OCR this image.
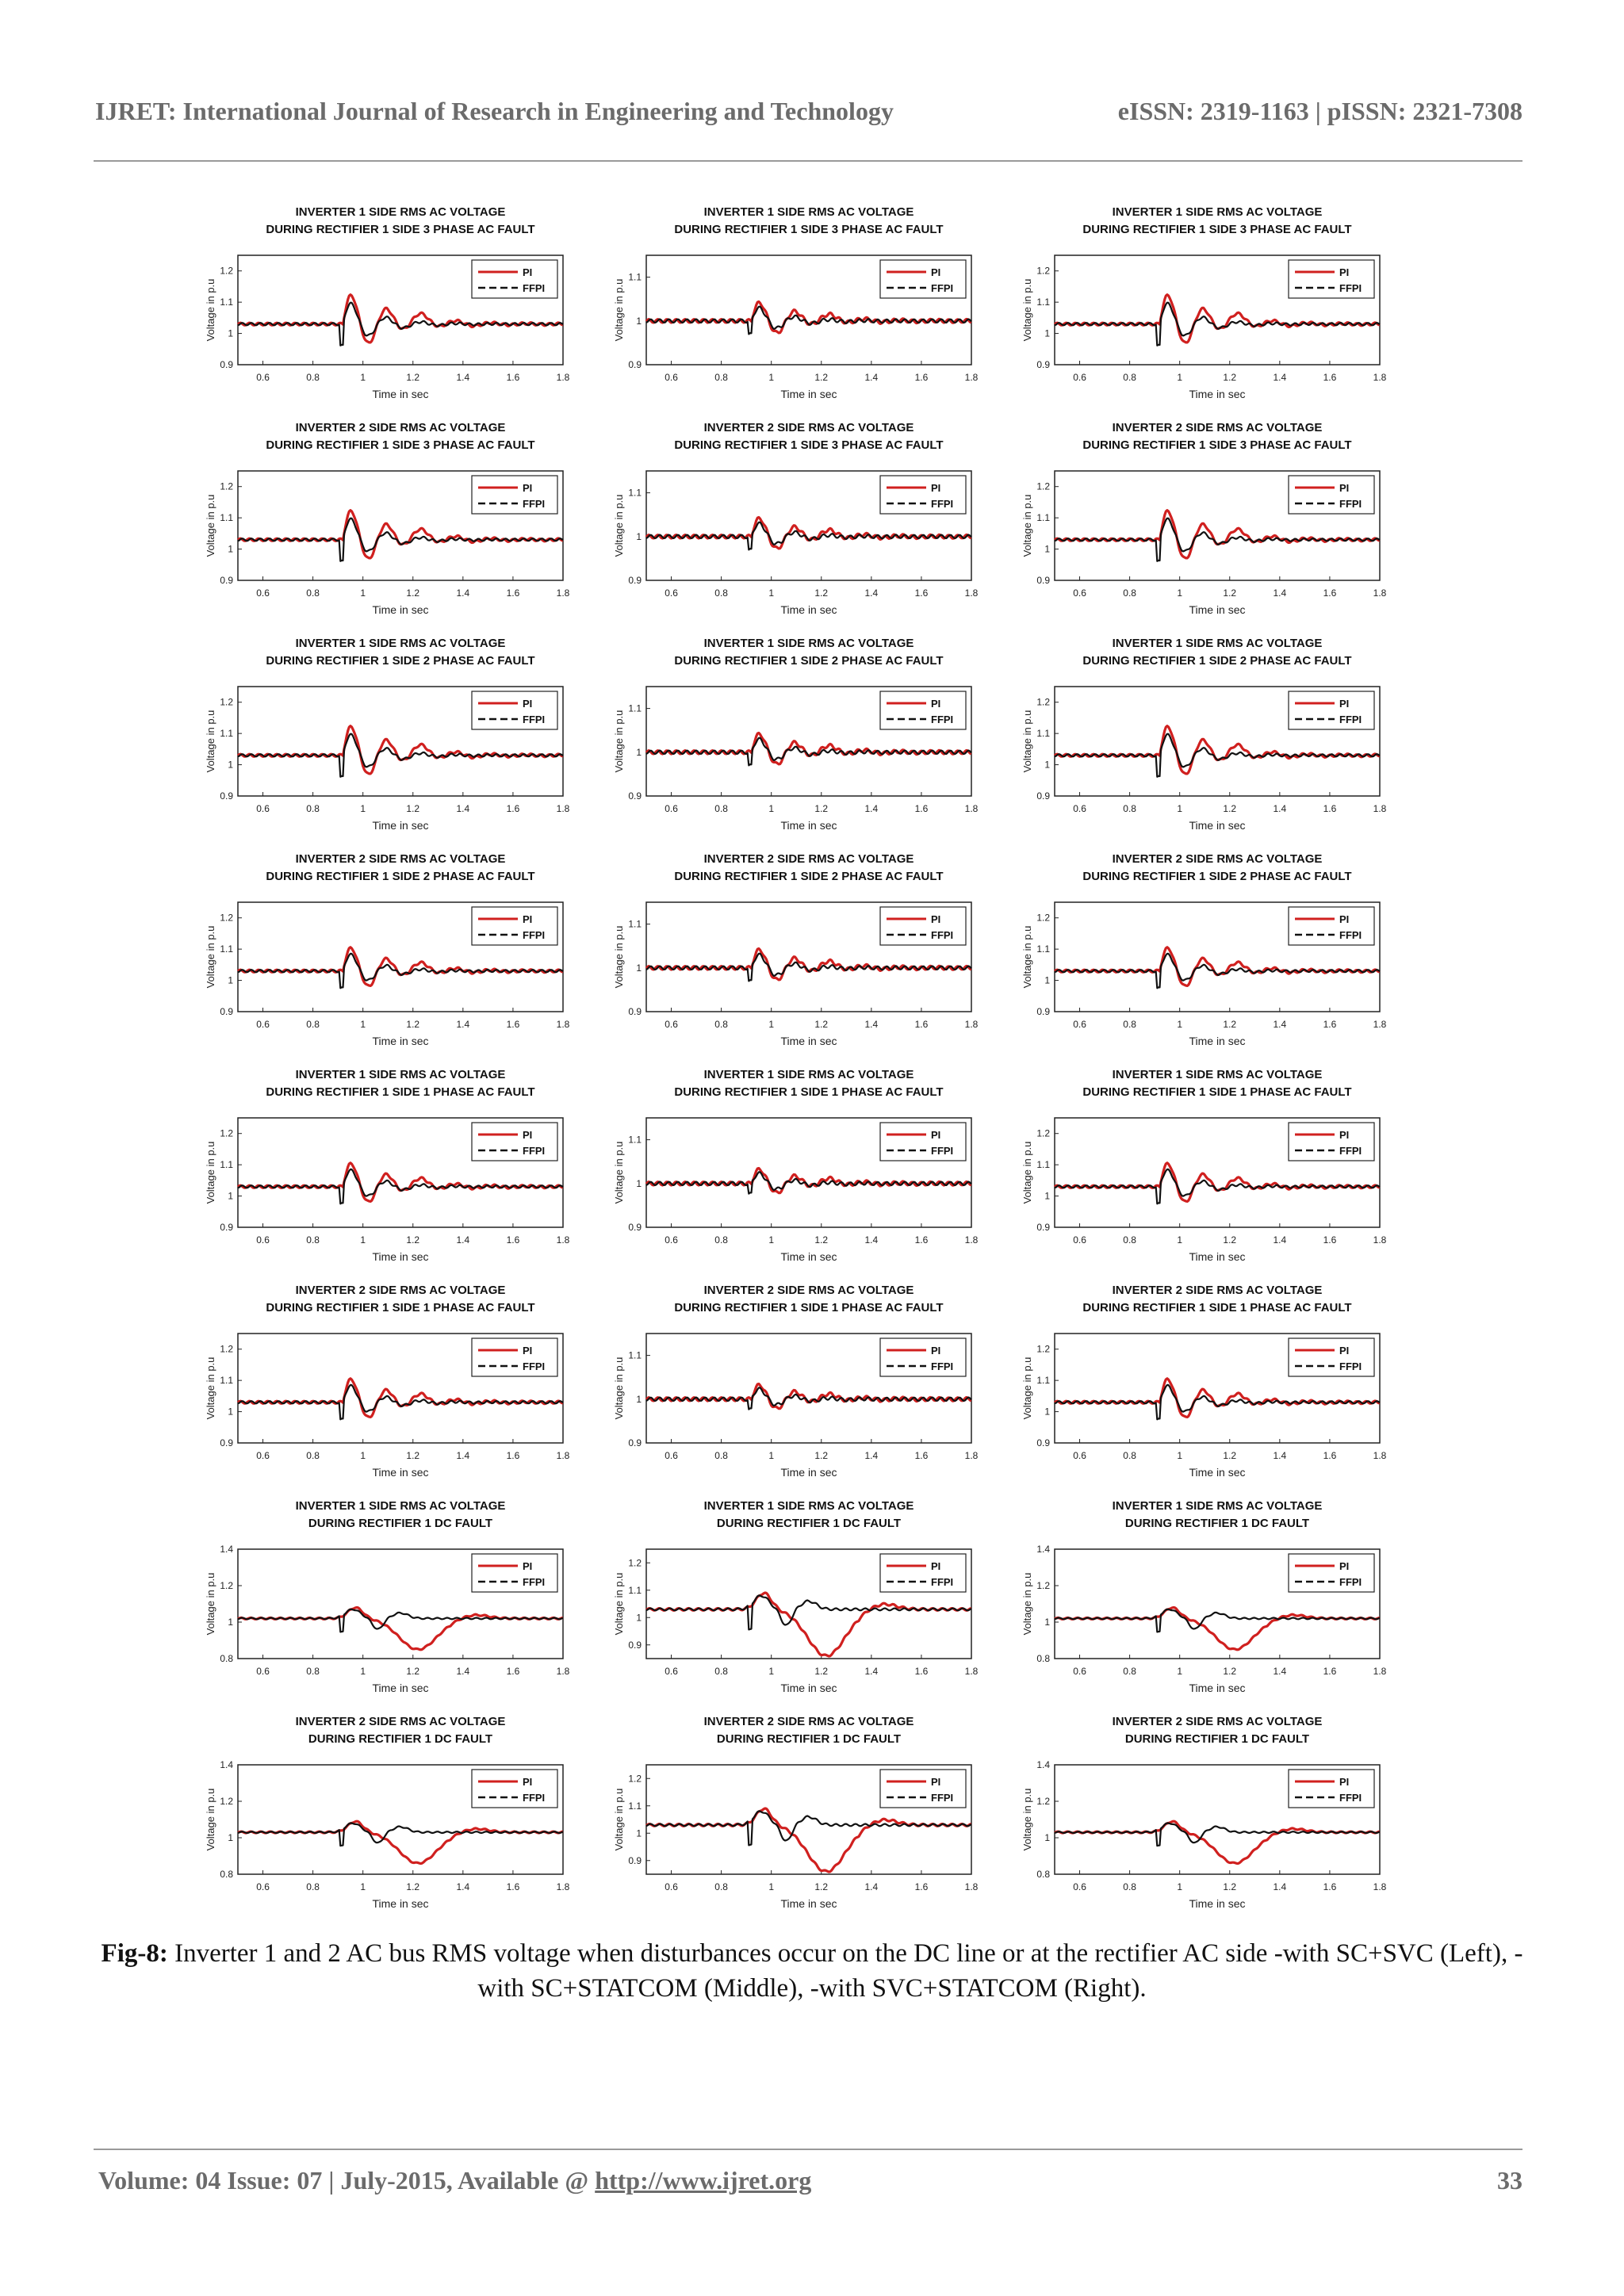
IJRET: International Journal of Research in Engineering and Technology	eISSN: 2319-1163 | pISSN: 2321-7308
INVERTER 1 SIDE RMS AC VOLTAGE
DURING RECTIFIER 1 SIDE 3 PHASE AC FAULT
0.6	0.8	1	1.2	1.4	1.6	1.8
0.9
1
1.1
1.2
Time in sec
Voltage in p.u
PI
FFPI
INVERTER 1 SIDE RMS AC VOLTAGE
DURING RECTIFIER 1 SIDE 3 PHASE AC FAULT
0.6	0.8	1	1.2	1.4	1.6	1.8
0.9
1
1.1
Time in sec
Voltage in p.u
PI
FFPI
INVERTER 1 SIDE RMS AC VOLTAGE
DURING RECTIFIER 1 SIDE 3 PHASE AC FAULT
0.6	0.8	1	1.2	1.4	1.6	1.8
0.9
1
1.1
1.2
Time in sec
Voltage in p.u
PI
FFPI
INVERTER 2 SIDE RMS AC VOLTAGE
DURING RECTIFIER 1 SIDE 3 PHASE AC FAULT
0.6	0.8	1	1.2	1.4	1.6	1.8
0.9
1
1.1
1.2
Time in sec
Voltage in p.u
PI
FFPI
INVERTER 2 SIDE RMS AC VOLTAGE
DURING RECTIFIER 1 SIDE 3 PHASE AC FAULT
0.6	0.8	1	1.2	1.4	1.6	1.8
0.9
1
1.1
Time in sec
Voltage in p.u
PI
FFPI
INVERTER 2 SIDE RMS AC VOLTAGE
DURING RECTIFIER 1 SIDE 3 PHASE AC FAULT
0.6	0.8	1	1.2	1.4	1.6	1.8
0.9
1
1.1
1.2
Time in sec
Voltage in p.u
PI
FFPI
INVERTER 1 SIDE RMS AC VOLTAGE
DURING RECTIFIER 1 SIDE 2 PHASE AC FAULT
0.6	0.8	1	1.2	1.4	1.6	1.8
0.9
1
1.1
1.2
Time in sec
Voltage in p.u
PI
FFPI
INVERTER 1 SIDE RMS AC VOLTAGE
DURING RECTIFIER 1 SIDE 2 PHASE AC FAULT
0.6	0.8	1	1.2	1.4	1.6	1.8
0.9
1
1.1
Time in sec
Voltage in p.u
PI
FFPI
INVERTER 1 SIDE RMS AC VOLTAGE
DURING RECTIFIER 1 SIDE 2 PHASE AC FAULT
0.6	0.8	1	1.2	1.4	1.6	1.8
0.9
1
1.1
1.2
Time in sec
Voltage in p.u
PI
FFPI
INVERTER 2 SIDE RMS AC VOLTAGE
DURING RECTIFIER 1 SIDE 2 PHASE AC FAULT
0.6	0.8	1	1.2	1.4	1.6	1.8
0.9
1
1.1
1.2
Time in sec
Voltage in p.u
PI
FFPI
INVERTER 2 SIDE RMS AC VOLTAGE
DURING RECTIFIER 1 SIDE 2 PHASE AC FAULT
0.6	0.8	1	1.2	1.4	1.6	1.8
0.9
1
1.1
Time in sec
Voltage in p.u
PI
FFPI
INVERTER 2 SIDE RMS AC VOLTAGE
DURING RECTIFIER 1 SIDE 2 PHASE AC FAULT
0.6	0.8	1	1.2	1.4	1.6	1.8
0.9
1
1.1
1.2
Time in sec
Voltage in p.u
PI
FFPI
INVERTER 1 SIDE RMS AC VOLTAGE
DURING RECTIFIER 1 SIDE 1 PHASE AC FAULT
0.6	0.8	1	1.2	1.4	1.6	1.8
0.9
1
1.1
1.2
Time in sec
Voltage in p.u
PI
FFPI
INVERTER 1 SIDE RMS AC VOLTAGE
DURING RECTIFIER 1 SIDE 1 PHASE AC FAULT
0.6	0.8	1	1.2	1.4	1.6	1.8
0.9
1
1.1
Time in sec
Voltage in p.u
PI
FFPI
INVERTER 1 SIDE RMS AC VOLTAGE
DURING RECTIFIER 1 SIDE 1 PHASE AC FAULT
0.6	0.8	1	1.2	1.4	1.6	1.8
0.9
1
1.1
1.2
Time in sec
Voltage in p.u
PI
FFPI
INVERTER 2 SIDE RMS AC VOLTAGE
DURING RECTIFIER 1 SIDE 1 PHASE AC FAULT
0.6	0.8	1	1.2	1.4	1.6	1.8
0.9
1
1.1
1.2
Time in sec
Voltage in p.u
PI
FFPI
INVERTER 2 SIDE RMS AC VOLTAGE
DURING RECTIFIER 1 SIDE 1 PHASE AC FAULT
0.6	0.8	1	1.2	1.4	1.6	1.8
0.9
1
1.1
Time in sec
Voltage in p.u
PI
FFPI
INVERTER 2 SIDE RMS AC VOLTAGE
DURING RECTIFIER 1 SIDE 1 PHASE AC FAULT
0.6	0.8	1	1.2	1.4	1.6	1.8
0.9
1
1.1
1.2
Time in sec
Voltage in p.u
PI
FFPI
INVERTER 1 SIDE RMS AC VOLTAGE
DURING RECTIFIER 1 DC FAULT
0.6	0.8	1	1.2	1.4	1.6	1.8
0.8
1
1.2
1.4
Time in sec
Voltage in p.u
PI
FFPI
INVERTER 1 SIDE RMS AC VOLTAGE
DURING RECTIFIER 1 DC FAULT
0.6	0.8	1	1.2	1.4	1.6	1.8
0.9
1
1.1
1.2
Time in sec
Voltage in p.u
PI
FFPI
INVERTER 1 SIDE RMS AC VOLTAGE
DURING RECTIFIER 1 DC FAULT
0.6	0.8	1	1.2	1.4	1.6	1.8
0.8
1
1.2
1.4
Time in sec
Voltage in p.u
PI
FFPI
INVERTER 2 SIDE RMS AC VOLTAGE
DURING RECTIFIER 1 DC FAULT
0.6	0.8	1	1.2	1.4	1.6	1.8
0.8
1
1.2
1.4
Time in sec
Voltage in p.u
PI
FFPI
INVERTER 2 SIDE RMS AC VOLTAGE
DURING RECTIFIER 1 DC FAULT
0.6	0.8	1	1.2	1.4	1.6	1.8
0.9
1
1.1
1.2
Time in sec
Voltage in p.u
PI
FFPI
INVERTER 2 SIDE RMS AC VOLTAGE
DURING RECTIFIER 1 DC FAULT
0.6	0.8	1	1.2	1.4	1.6	1.8
0.8
1
1.2
1.4
Time in sec
Voltage in p.u
PI
FFPI
Fig-8: Inverter 1 and 2 AC bus RMS voltage when disturbances occur on the DC line or at the rectifier AC side -with SC+SVC (Left), - with SC+STATCOM (Middle), -with SVC+STATCOM (Right).
Volume: 04 Issue: 07 | July-2015, Available @ http://www.ijret.org	33
